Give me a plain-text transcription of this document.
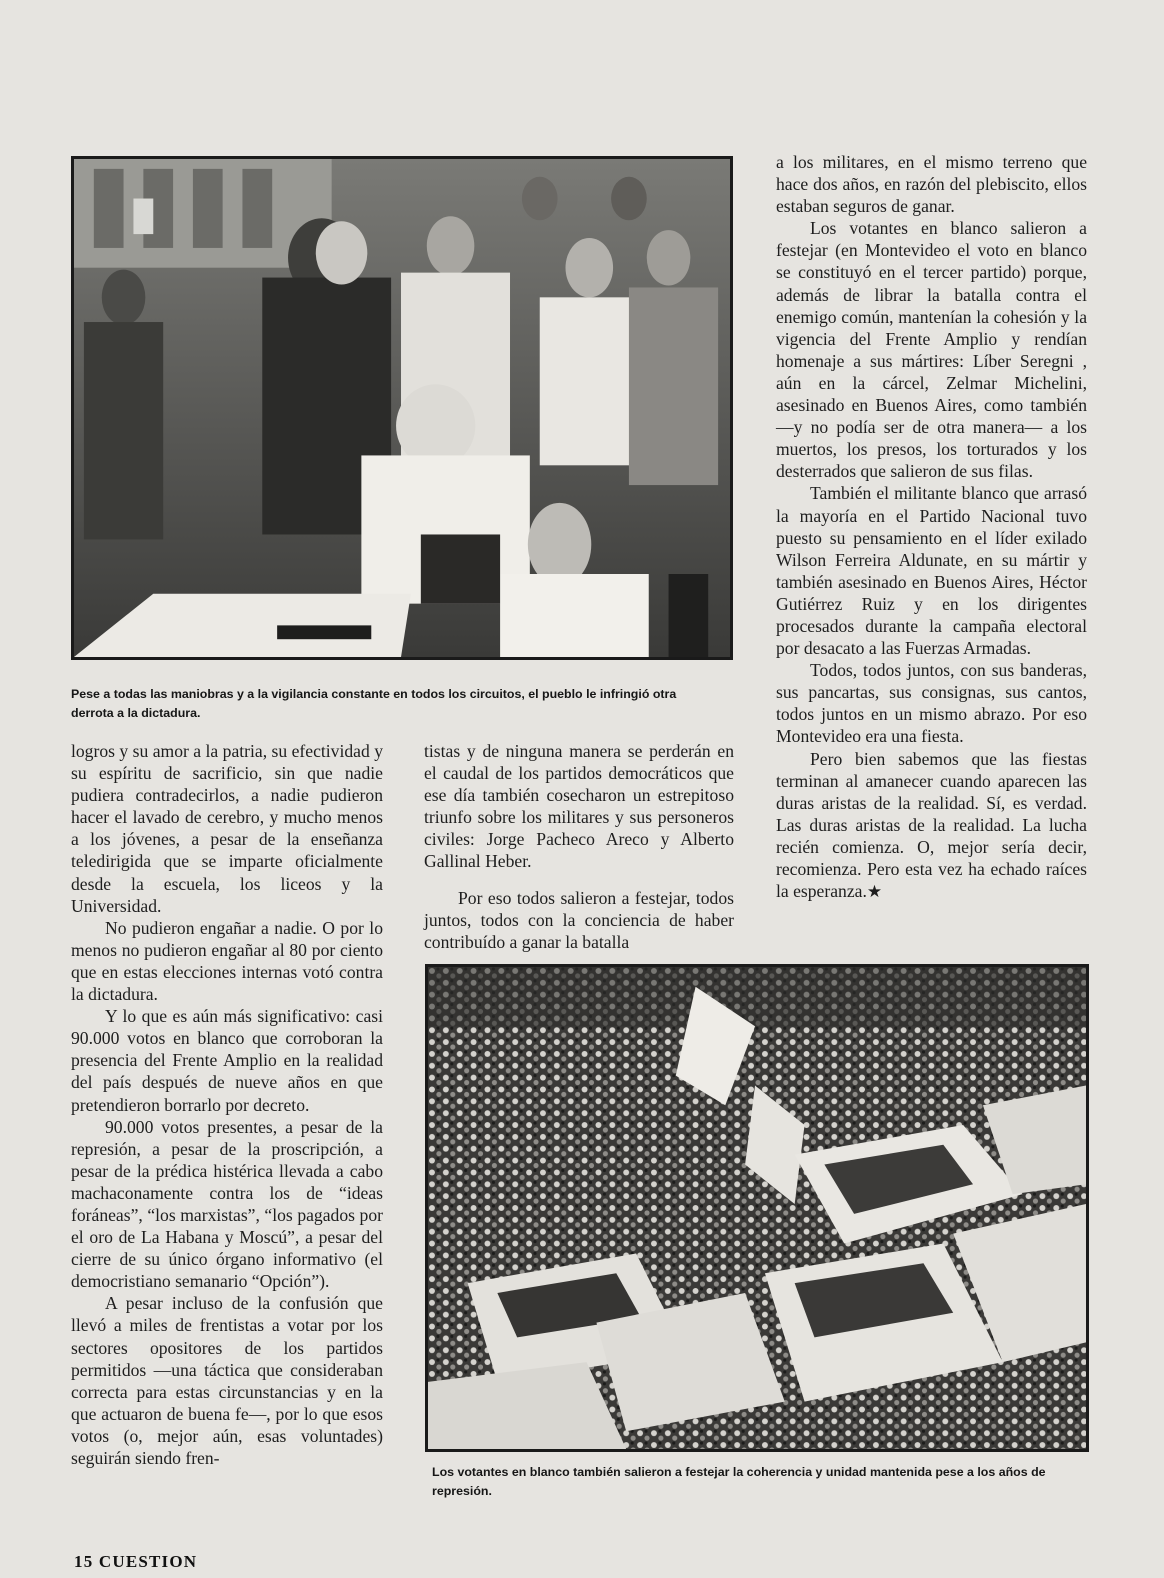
Pese a todas las maniobras y a la vigilancia constante en todos los circuitos, el pueblo le infringió otra derrota a la dictadura.

logros y su amor a la patria, su efectividad y su espíritu de sacrificio, sin que nadie pudiera contradecirlos, a nadie pudieron hacer el lavado de cerebro, y mucho menos a los jóvenes, a pesar de la enseñanza teledirigida que se imparte oficialmente desde la escuela, los liceos y la Universidad.

No pudieron engañar a nadie. O por lo menos no pudieron engañar al 80 por ciento que en estas elecciones internas votó contra la dictadura.

Y lo que es aún más significativo: casi 90.000 votos en blanco que corroboran la presencia del Frente Amplio en la realidad del país después de nueve años en que pretendieron borrarlo por decreto.

90.000 votos presentes, a pesar de la represión, a pesar de la proscripción, a pesar de la prédica histérica llevada a cabo machaconamente contra los de “ideas foráneas”, “los marxistas”, “los pagados por el oro de La Habana y Moscú”, a pesar del cierre de su único órgano informativo (el democristiano semanario “Opción”).

A pesar incluso de la confusión que llevó a miles de frentistas a votar por los sectores opositores de los partidos permitidos —una táctica que consideraban correcta para estas circunstancias y en la que actuaron de buena fe—, por lo que esos votos (o, mejor aún, esas voluntades) seguirán siendo fren-

tistas y de ninguna manera se perderán en el caudal de los partidos democráticos que ese día también cosecharon un estrepitoso triunfo sobre los militares y sus personeros civiles: Jorge Pacheco Areco y Alberto Gallinal Heber.

Por eso todos salieron a festejar, todos juntos, todos con la conciencia de haber contribuído a ganar la batalla

a los militares, en el mismo terreno que hace dos años, en razón del plebiscito, ellos estaban seguros de ganar.

Los votantes en blanco salieron a festejar (en Montevideo el voto en blanco se constituyó en el tercer partido) porque, además de librar la batalla contra el enemigo común, mantenían la cohesión y la vigencia del Frente Amplio y rendían homenaje a sus mártires: Líber Seregni , aún en la cárcel, Zelmar Michelini, asesinado en Buenos Aires, como también —y no podía ser de otra manera— a los muertos, los presos, los torturados y los desterrados que salieron de sus filas.

También el militante blanco que arrasó la mayoría en el Partido Nacional tuvo puesto su pensamiento en el líder exilado Wilson Ferreira Aldunate, en su mártir y también asesinado en Buenos Aires, Héctor Gutiérrez Ruiz y en los dirigentes procesados durante la campaña electoral por desacato a las Fuerzas Armadas.

Todos, todos juntos, con sus banderas, sus pancartas, sus consignas, sus cantos, todos juntos en un mismo abrazo. Por eso Montevideo era una fiesta.

Pero bien sabemos que las fiestas terminan al amanecer cuando aparecen las duras aristas de la realidad. Sí, es verdad. Las duras aristas de la realidad. La lucha recién comienza. O, mejor sería decir, recomienza. Pero esta vez ha echado raíces la esperanza.★

Los votantes en blanco también salieron a festejar la coherencia y unidad mantenida pese a los años de represión.

15 CUESTION
